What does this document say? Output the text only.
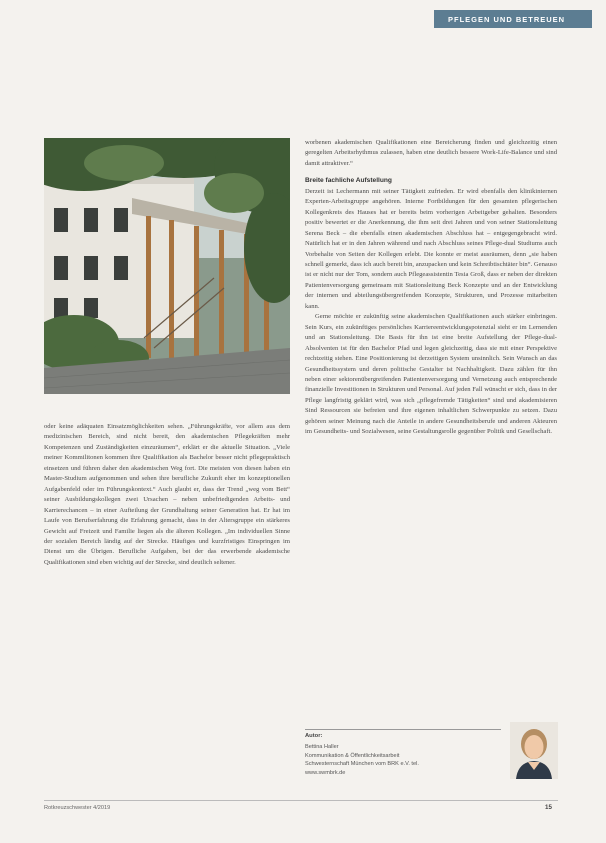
PFLEGEN UND BETREUEN

oder keine adäquaten Einsatzmöglichkeiten sehen. „Führungskräfte, vor allem aus dem medizinischen Bereich, sind nicht bereit, den akademischen Pflegekräften mehr Kompetenzen und Zuständigkeiten einzuräumen“, erklärt er die aktuelle Situation. „Viele meiner Kommilitonen kommen ihre Qualifikation als Bachelor besser nicht pflegepraktisch einsetzen und führen daher den akademischen Weg fort. Die meisten von diesen haben ein Master-Studium aufgenommen und sehen ihre berufliche Zukunft eher im konzeptionellen Aufgabenfeld oder im Führungskontext.“ Auch glaubt er, dass der Trend „weg vom Bett“ seiner Ausbildungskollegen zwei Ursachen – neben unbefriedigenden Arbeits- und Karrierechancen – in einer Aufteilung der Grundhaltung seiner Generation hat. Er hat im Laufe von Berufserfahrung die Erfahrung gemacht, dass in der Altersgruppe ein stärkeres Gewicht auf Freizeit und Familie liegen als die älteren Kollegen. „Im individuellen Sinne der sozialen Bereich ländig auf der Strecke. Häufiges und kurzfristiges Einspringen im Dienst um die Übrigen. Berufliche Aufgaben, bei der das erwerbende akademische Qualifikationen sind eben wichtig auf der Strecke, sind deutlich seltener.

worbenen akademischen Qualifikationen eine Bereicherung finden und gleichzeitig einen geregelten Arbeitsrhythmus zulassen, haben eine deutlich bessere Work-Life-Balance und sind damit attraktiver.“

Breite fachliche Aufstellung

Derzeit ist Lechermann mit seiner Tätigkeit zufrieden. Er wird ebenfalls den klinikinternen Experten-Arbeitsgruppe angehören. Interne Fortbildungen für den gesamten pflegerischen Kollegenkreis des Hauses hat er bereits beim vorherigen Arbeitgeber gehalten. Besonders positiv bewertet er die Anerkennung, die ihm seit drei Jahren und von seiner Stationsleitung Serena Beck – die ebenfalls einen akademischen Abschluss hat – entgegengebracht wird. Natürlich hat er in den Jahren während und nach Abschluss seines Pflege-dual Studiums auch Vorbehalte von Seiten der Kollegen erlebt. Die konnte er meist ausräumen, denn „sie haben schnell gemerkt, dass ich auch bereit bin, anzupacken und kein Schreibtischtäter bin“. Genauso ist er nicht nur der Tom, sondern auch Pflegeassistentin Tesia Groß, dass er neben der direkten Patientenversorgung gemeinsam mit Stationsleitung Beck Konzepte und an der Entwicklung der internen und abteilungsübergreifenden Konzepte, Strukturen, und Prozesse mitarbeiten kann.

Gerne möchte er zukünftig seine akademischen Qualifikationen auch stärker einbringen. Sein Kurs, ein zukünftiges persönliches Karriereentwicklungspotenzial sieht er im Lernenden und an Stationsleitung. Die Basis für ihn ist eine breite Aufstellung der Pflege-dual-Absolventen ist für den Bachelor Pfad und legen gleichzeitig, dass sie mit einer Perspektive rechtzeitig stehen. Eine Positionierung ist derzeitigen System unsinnlich. Sein Wunsch an das Gesundheitssystem und deren politische Gestalter ist Nachhaltigkeit. Dazu zählen für ihn neben einer sektorenübergreifenden Patientenversorgung und Vernetzung auch entsprechende finanzielle Investitionen in Strukturen und Personal. Auf jeden Fall wünscht er sich, dass in der Pflege langfristig geklärt wird, was sich „pflegefremde Tätigkeiten“ sind und akademisieren Sind Ressourcen sie befreien und ihre eigenen inhaltlichen Schwerpunkte zu setzen. Dazu gehören seiner Meinung nach die Anteile in andere Gesundheitsberufe und anderen Akteuren im Gesundheits- und Sozialwesen, seine Gestaltungsrolle gegenüber Politik und Gesellschaft.

Autor:
Bettina Haller
Kommunikation & Öffentlichkeitsarbeit
Schwesternschaft München vom BRK e.V. tel.
www.swmbrk.de
Rotkreuzschwester 4/2019	15
